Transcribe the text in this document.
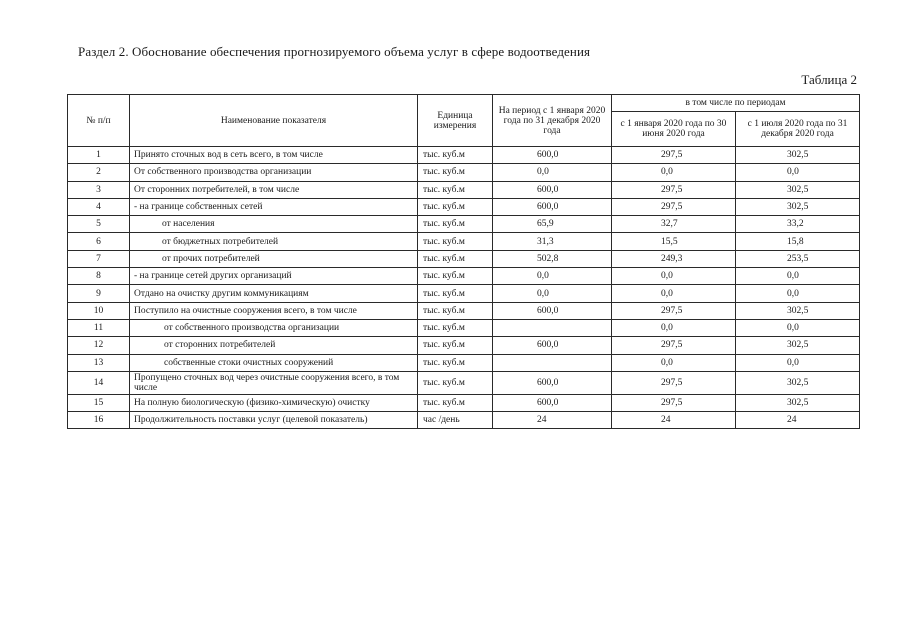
Раздел 2. Обоснование обеспечения прогнозируемого объема услуг в сфере водоотведения
Таблица 2
№ п/п	Наименование показателя	Единица измерения	На период с 1 января 2020 года по 31 декабря 2020 года	в том числе по периодам	
				с 1 января 2020 года по 30 июня 2020 года	с 1 июля 2020 года по 31 декабря 2020 года
1	Принято сточных вод в сеть всего, в том числе	тыс. куб.м	600,0	297,5	302,5
2	От собственного производства организации	тыс. куб.м	0,0	0,0	0,0
3	От сторонних потребителей, в том числе	тыс. куб.м	600,0	297,5	302,5
4	- на границе собственных сетей	тыс. куб.м	600,0	297,5	302,5
5	от населения	тыс. куб.м	65,9	32,7	33,2
6	от бюджетных потребителей	тыс. куб.м	31,3	15,5	15,8
7	от прочих потребителей	тыс. куб.м	502,8	249,3	253,5
8	- на границе сетей других организаций	тыс. куб.м	0,0	0,0	0,0
9	Отдано на очистку другим коммуникациям	тыс. куб.м	0,0	0,0	0,0
10	Поступило на очистные сооружения всего, в том числе	тыс. куб.м	600,0	297,5	302,5
11	от собственного производства организации	тыс. куб.м		0,0	0,0
12	от сторонних потребителей	тыс. куб.м	600,0	297,5	302,5
13	собственные стоки очистных сооружений	тыс. куб.м		0,0	0,0
14	Пропущено сточных вод через очистные сооружения всего, в том числе	тыс. куб.м	600,0	297,5	302,5
15	На полную биологическую (физико-химическую) очистку	тыс. куб.м	600,0	297,5	302,5
16	Продолжительность поставки услуг (целевой показатель)	час /день	24	24	24
